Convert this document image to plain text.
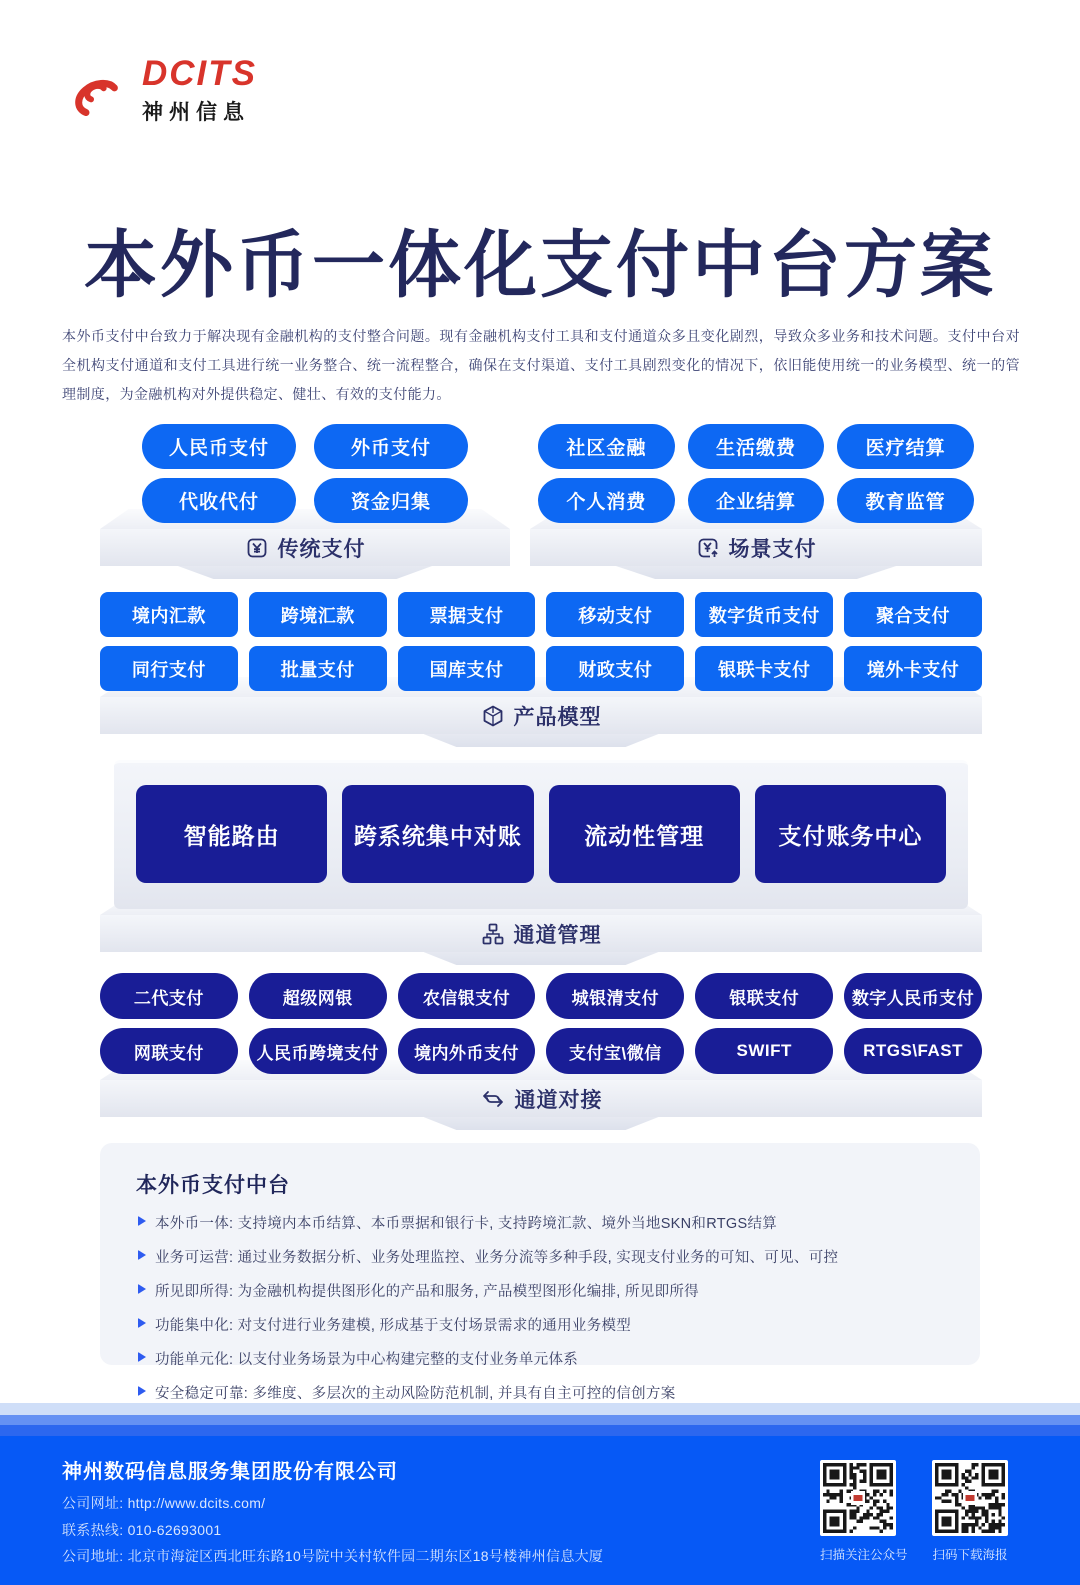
DCITS
神州信息
本外币一体化支付中台方案

本外币支付中台致力于解决现有金融机构的支付整合问题。现有金融机构支付工具和支付通道众多且变化剧烈，导致众多业务和技术问题。支付中台对全机构支付通道和支付工具进行统一业务整合、统一流程整合，确保在支付渠道、支付工具剧烈变化的情况下，依旧能使用统一的业务模型、统一的管理制度，为金融机构对外提供稳定、健壮、有效的支付能力。

人民币支付	外币支付
代收代付	资金归集
传统支付
社区金融	生活缴费	医疗结算
个人消费	企业结算	教育监管
场景支付
境内汇款	跨境汇款	票据支付	移动支付	数字货币支付	聚合支付
同行支付	批量支付	国库支付	财政支付	银联卡支付	境外卡支付
产品模型
智能路由	跨系统集中对账	流动性管理	支付账务中心
通道管理
二代支付	超级网银	农信银支付	城银清支付	银联支付	数字人民币支付
网联支付	人民币跨境支付	境内外币支付	支付宝\微信	SWIFT	RTGS\FAST
通道对接
本外币支付中台
本外币一体: 支持境内本币结算、本币票据和银行卡, 支持跨境汇款、境外当地SKN和RTGS结算
业务可运营: 通过业务数据分析、业务处理监控、业务分流等多种手段, 实现支付业务的可知、可见、可控
所见即所得: 为金融机构提供图形化的产品和服务, 产品模型图形化编排, 所见即所得
功能集中化: 对支付进行业务建模, 形成基于支付场景需求的通用业务模型
功能单元化: 以支付业务场景为中心构建完整的支付业务单元体系
安全稳定可靠: 多维度、多层次的主动风险防范机制, 并具有自主可控的信创方案
神州数码信息服务集团股份有限公司
公司网址: http://www.dcits.com/
联系热线: 010-62693001
公司地址: 北京市海淀区西北旺东路10号院中关村软件园二期东区18号楼神州信息大厦	扫描关注公众号 扫码下载海报
